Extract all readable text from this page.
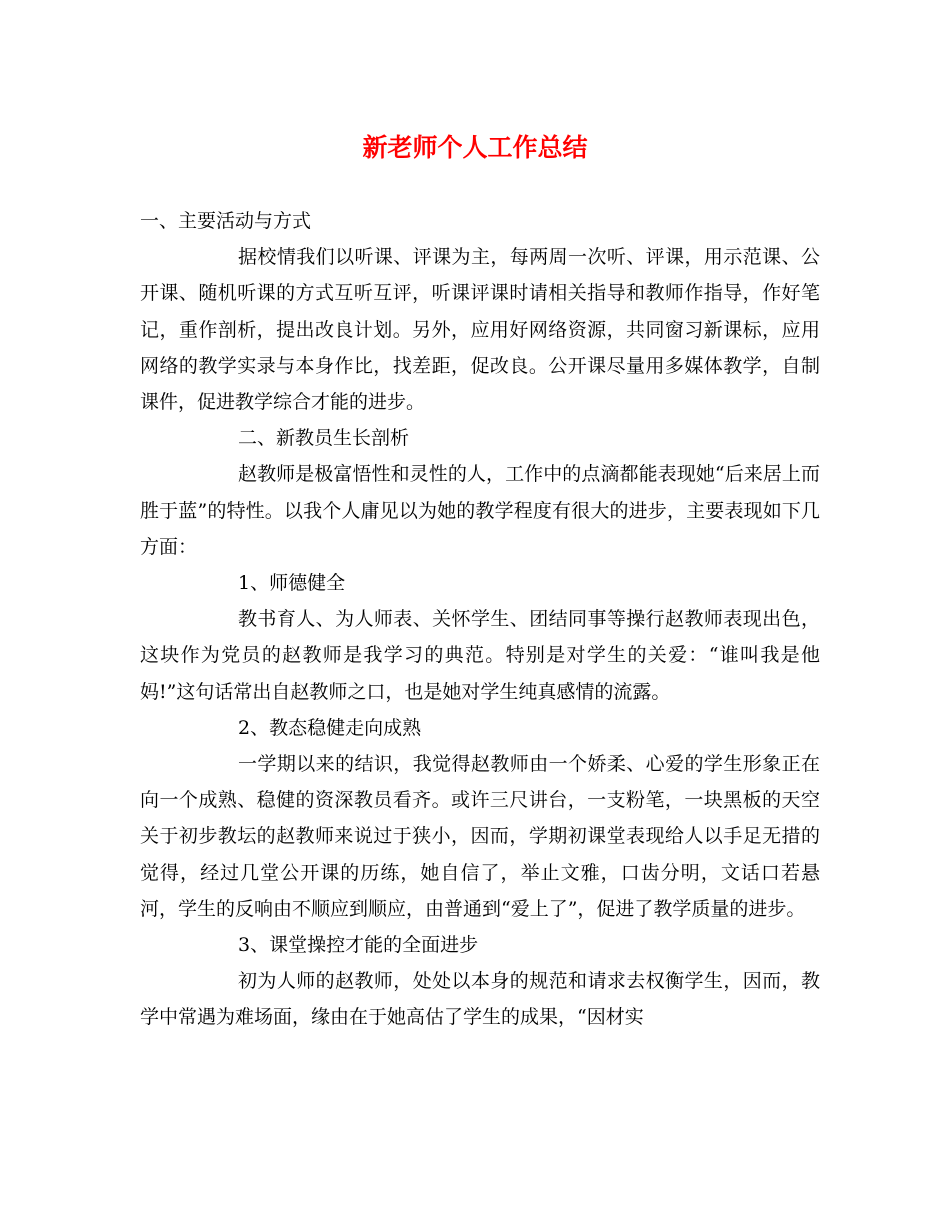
新老师个人工作总结

一、主要活动与方式

据校情我们以听课、评课为主，每两周一次听、评课，用示范课、公开课、随机听课的方式互听互评，听课评课时请相关指导和教师作指导，作好笔记，重作剖析，提出改良计划。另外，应用好网络资源，共同窗习新课标，应用网络的教学实录与本身作比，找差距，促改良。公开课尽量用多媒体教学，自制课件，促进教学综合才能的进步。

二、新教员生长剖析

赵教师是极富悟性和灵性的人，工作中的点滴都能表现她“后来居上而胜于蓝”的特性。以我个人庸见以为她的教学程度有很大的进步，主要表现如下几方面：

1、师德健全

教书育人、为人师表、关怀学生、团结同事等操行赵教师表现出色，这块作为党员的赵教师是我学习的典范。特别是对学生的关爱：“谁叫我是他妈!”这句话常出自赵教师之口，也是她对学生纯真感情的流露。

2、教态稳健走向成熟

一学期以来的结识，我觉得赵教师由一个娇柔、心爱的学生形象正在向一个成熟、稳健的资深教员看齐。或许三尺讲台，一支粉笔，一块黑板的天空关于初步教坛的赵教师来说过于狭小，因而，学期初课堂表现给人以手足无措的觉得，经过几堂公开课的历练，她自信了，举止文雅，口齿分明，文话口若悬河，学生的反响由不顺应到顺应，由普通到“爱上了”，促进了教学质量的进步。

3、课堂操控才能的全面进步

初为人师的赵教师，处处以本身的规范和请求去权衡学生，因而，教学中常遇为难场面，缘由在于她高估了学生的成果，“因材实
